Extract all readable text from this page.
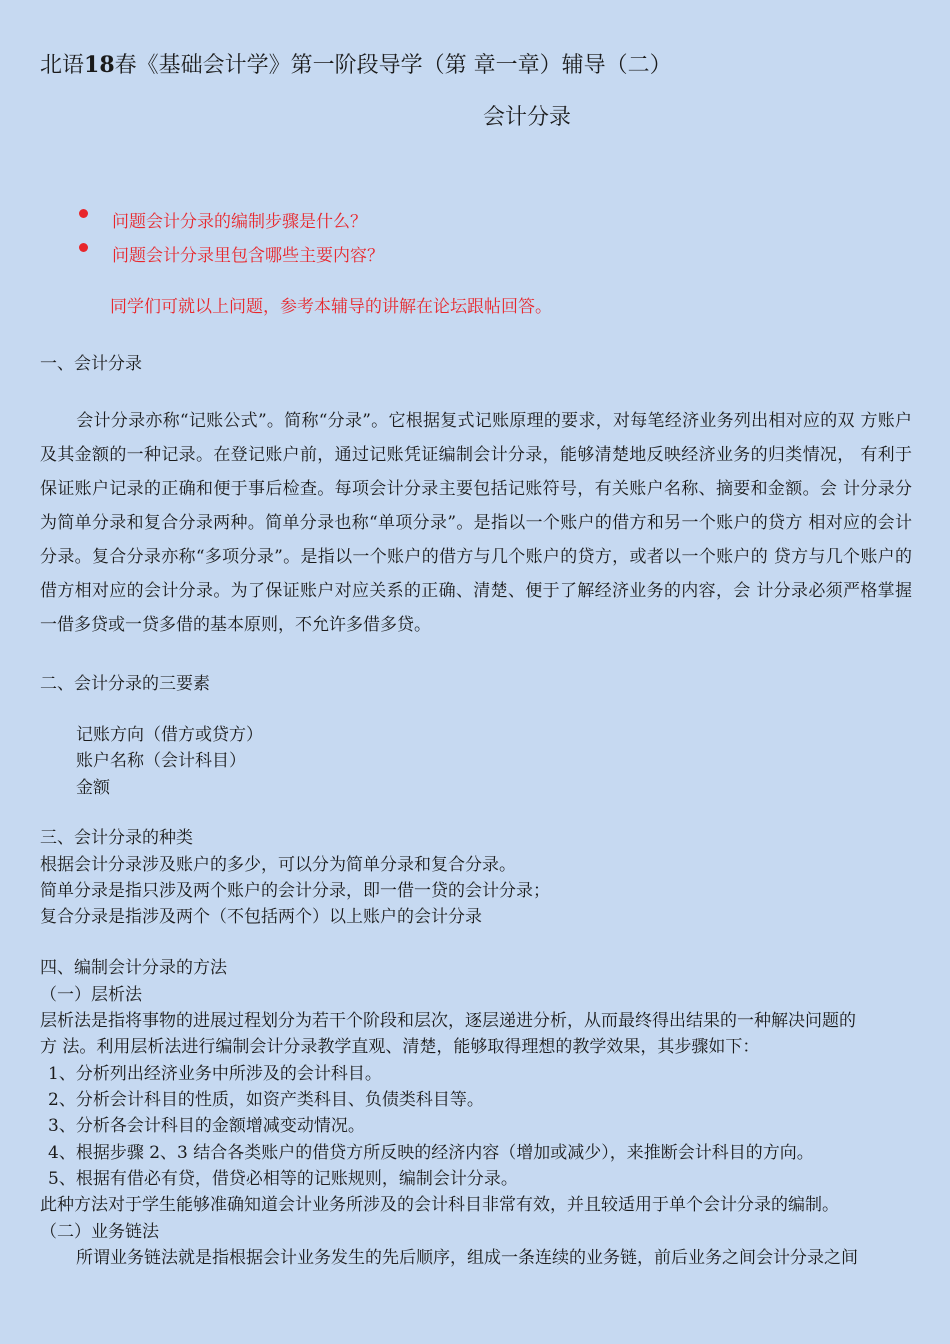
北语18春《基础会计学》第一阶段导学（第 章一章）辅导（二）
会计分录
问题会计分录的编制步骤是什么？
问题会计分录里包含哪些主要内容？
同学们可就以上问题，参考本辅导的讲解在论坛跟帖回答。
一、会计分录
会计分录亦称“记账公式”。简称“分录”。它根据复式记账原理的要求，对每笔经济业务列出相对应的双 方账户及其金额的一种记录。在登记账户前，通过记账凭证编制会计分录，能够清楚地反映经济业务的归类情况， 有利于保证账户记录的正确和便于事后检查。每项会计分录主要包括记账符号，有关账户名称、摘要和金额。会 计分录分为简单分录和复合分录两种。简单分录也称“单项分录”。是指以一个账户的借方和另一个账户的贷方 相对应的会计分录。复合分录亦称“多项分录”。是指以一个账户的借方与几个账户的贷方，或者以一个账户的 贷方与几个账户的借方相对应的会计分录。为了保证账户对应关系的正确、清楚、便于了解经济业务的内容，会 计分录必须严格掌握一借多贷或一贷多借的基本原则，不允许多借多贷。
二、会计分录的三要素
记账方向（借方或贷方）
账户名称（会计科目）
金额
三、会计分录的种类
根据会计分录涉及账户的多少，可以分为简单分录和复合分录。
简单分录是指只涉及两个账户的会计分录，即一借一贷的会计分录；
复合分录是指涉及两个（不包括两个）以上账户的会计分录
四、编制会计分录的方法
（一）层析法
层析法是指将事物的进展过程划分为若干个阶段和层次，逐层递进分析，从而最终得出结果的一种解决问题的
方 法。利用层析法进行编制会计分录教学直观、清楚，能够取得理想的教学效果，其步骤如下：
1、分析列出经济业务中所涉及的会计科目。
2、分析会计科目的性质，如资产类科目、负债类科目等。
3、分析各会计科目的金额增减变动情况。
4、根据步骤 2、3 结合各类账户的借贷方所反映的经济内容（增加或减少），来推断会计科目的方向。
5、根据有借必有贷，借贷必相等的记账规则，编制会计分录。
此种方法对于学生能够准确知道会计业务所涉及的会计科目非常有效，并且较适用于单个会计分录的编制。
（二）业务链法
所谓业务链法就是指根据会计业务发生的先后顺序，组成一条连续的业务链，前后业务之间会计分录之间
